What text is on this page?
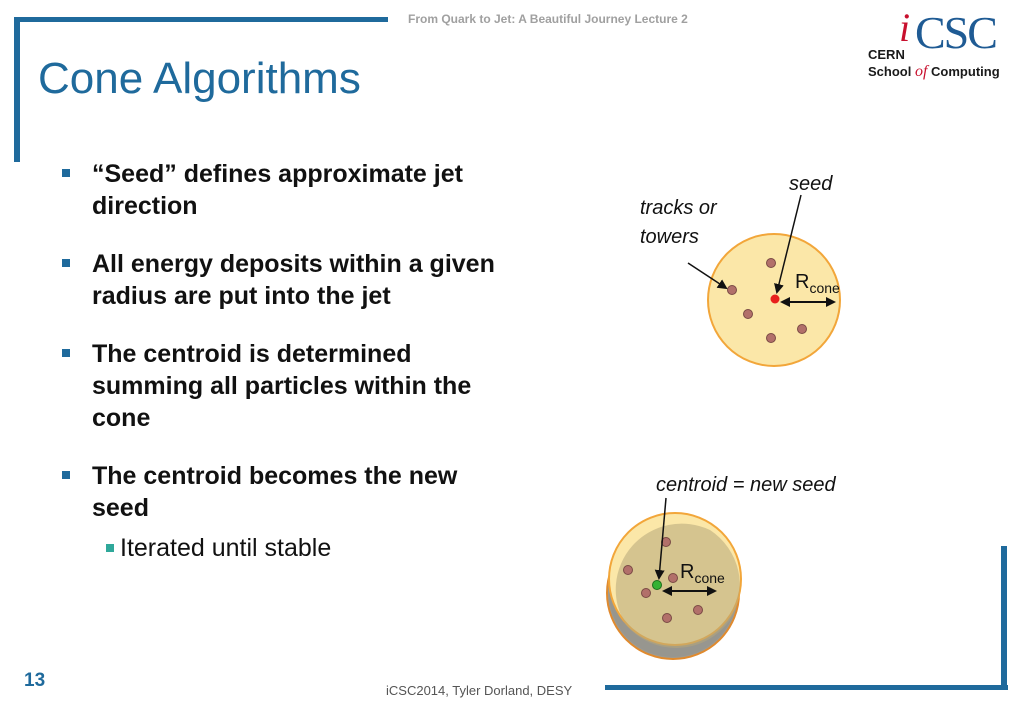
From Quark to Jet: A Beautiful Journey Lecture 2
Cone Algorithms
i CSC
CERN
School of Computing
“Seed” defines approximate jet direction
All energy deposits within a given radius are put into the jet
The centroid is determined summing all particles within the cone
The centroid becomes the new seed
Iterated until stable
seed
tracks or
towers
$R_{cone}$
centroid = new seed
$R_{cone}$
13	iCSC2014, Tyler Dorland, DESY
